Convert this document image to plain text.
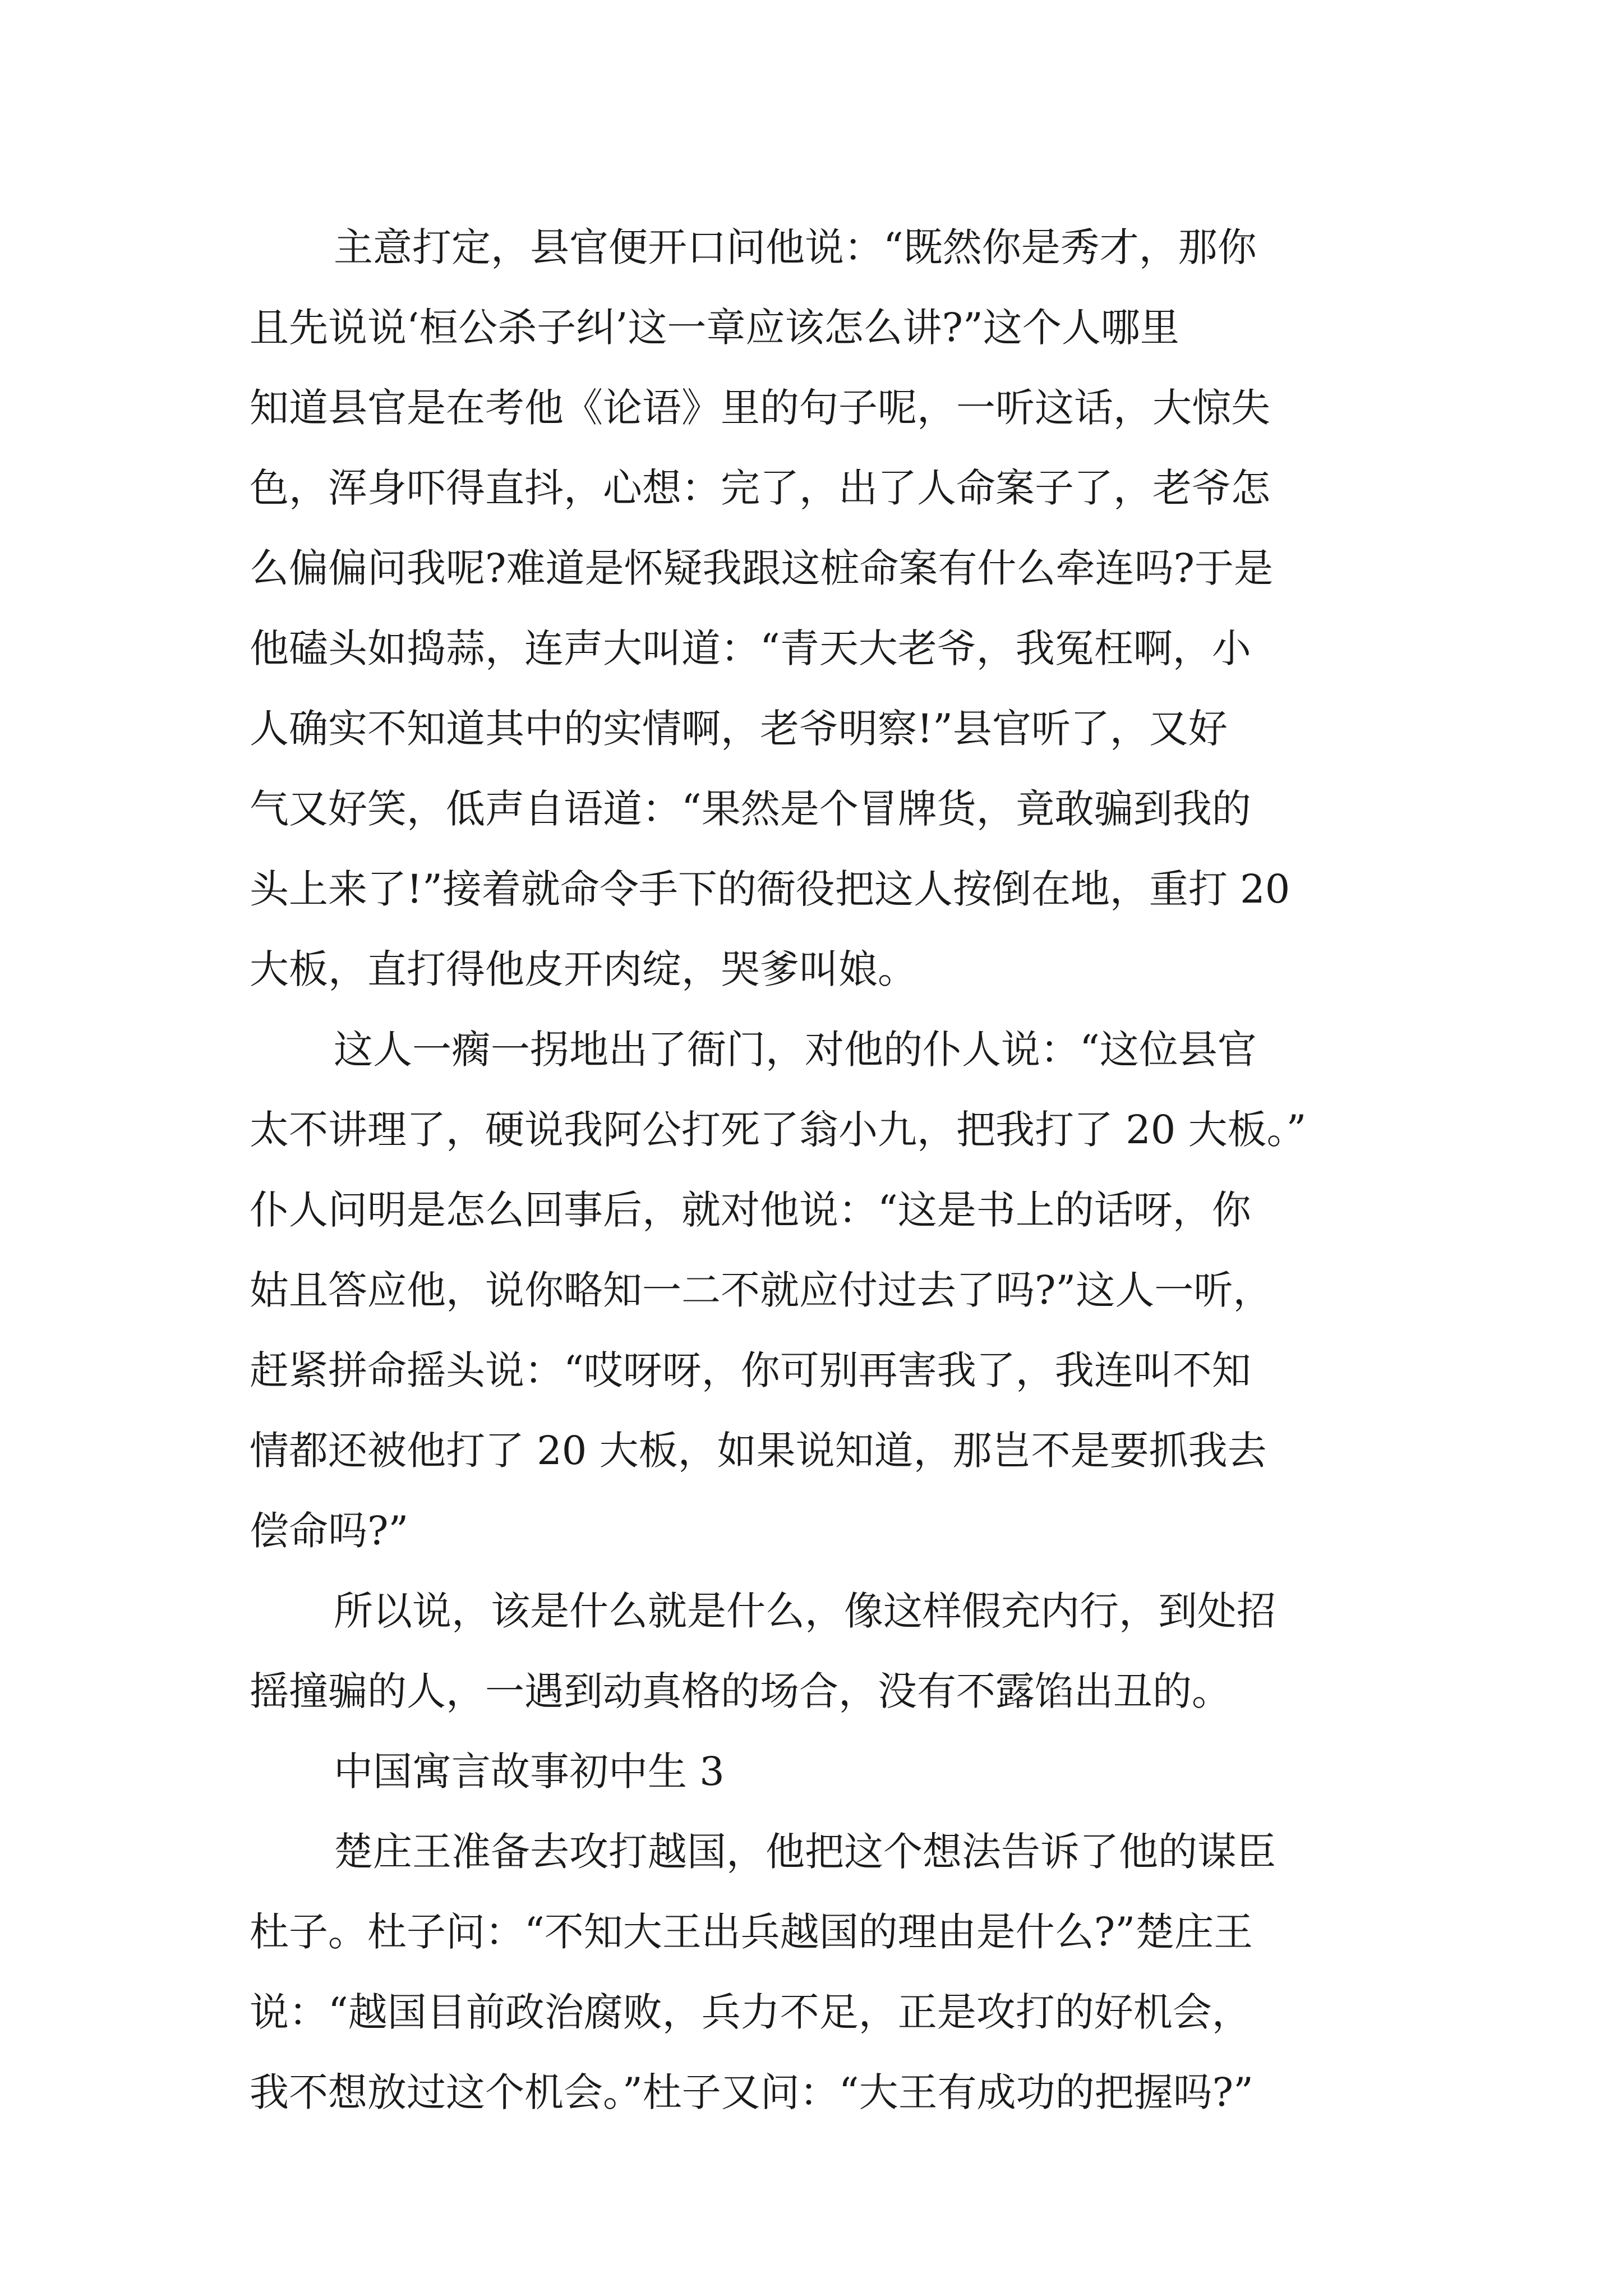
主意打定，县官便开口问他说：“既然你是秀才，那你
且先说说‘桓公杀子纠’这一章应该怎么讲?”这个人哪里
知道县官是在考他《论语》里的句子呢，一听这话，大惊失
色，浑身吓得直抖，心想：完了，出了人命案子了，老爷怎
么偏偏问我呢?难道是怀疑我跟这桩命案有什么牵连吗?于是
他磕头如捣蒜，连声大叫道：“青天大老爷，我冤枉啊，小
人确实不知道其中的实情啊，老爷明察!”县官听了，又好
气又好笑，低声自语道：“果然是个冒牌货，竟敢骗到我的
头上来了!”接着就命令手下的衙役把这人按倒在地，重打 20
大板，直打得他皮开肉绽，哭爹叫娘。
这人一瘸一拐地出了衙门，对他的仆人说：“这位县官
太不讲理了，硬说我阿公打死了翁小九，把我打了 20 大板。”
仆人问明是怎么回事后，就对他说：“这是书上的话呀，你
姑且答应他，说你略知一二不就应付过去了吗?”这人一听，
赶紧拼命摇头说：“哎呀呀，你可别再害我了，我连叫不知
情都还被他打了 20 大板，如果说知道，那岂不是要抓我去
偿命吗?”
所以说，该是什么就是什么，像这样假充内行，到处招
摇撞骗的人，一遇到动真格的场合，没有不露馅出丑的。
中国寓言故事初中生 3
楚庄王准备去攻打越国，他把这个想法告诉了他的谋臣
杜子。杜子问：“不知大王出兵越国的理由是什么?”楚庄王
说：“越国目前政治腐败，兵力不足，正是攻打的好机会，
我不想放过这个机会。”杜子又问：“大王有成功的把握吗?”
